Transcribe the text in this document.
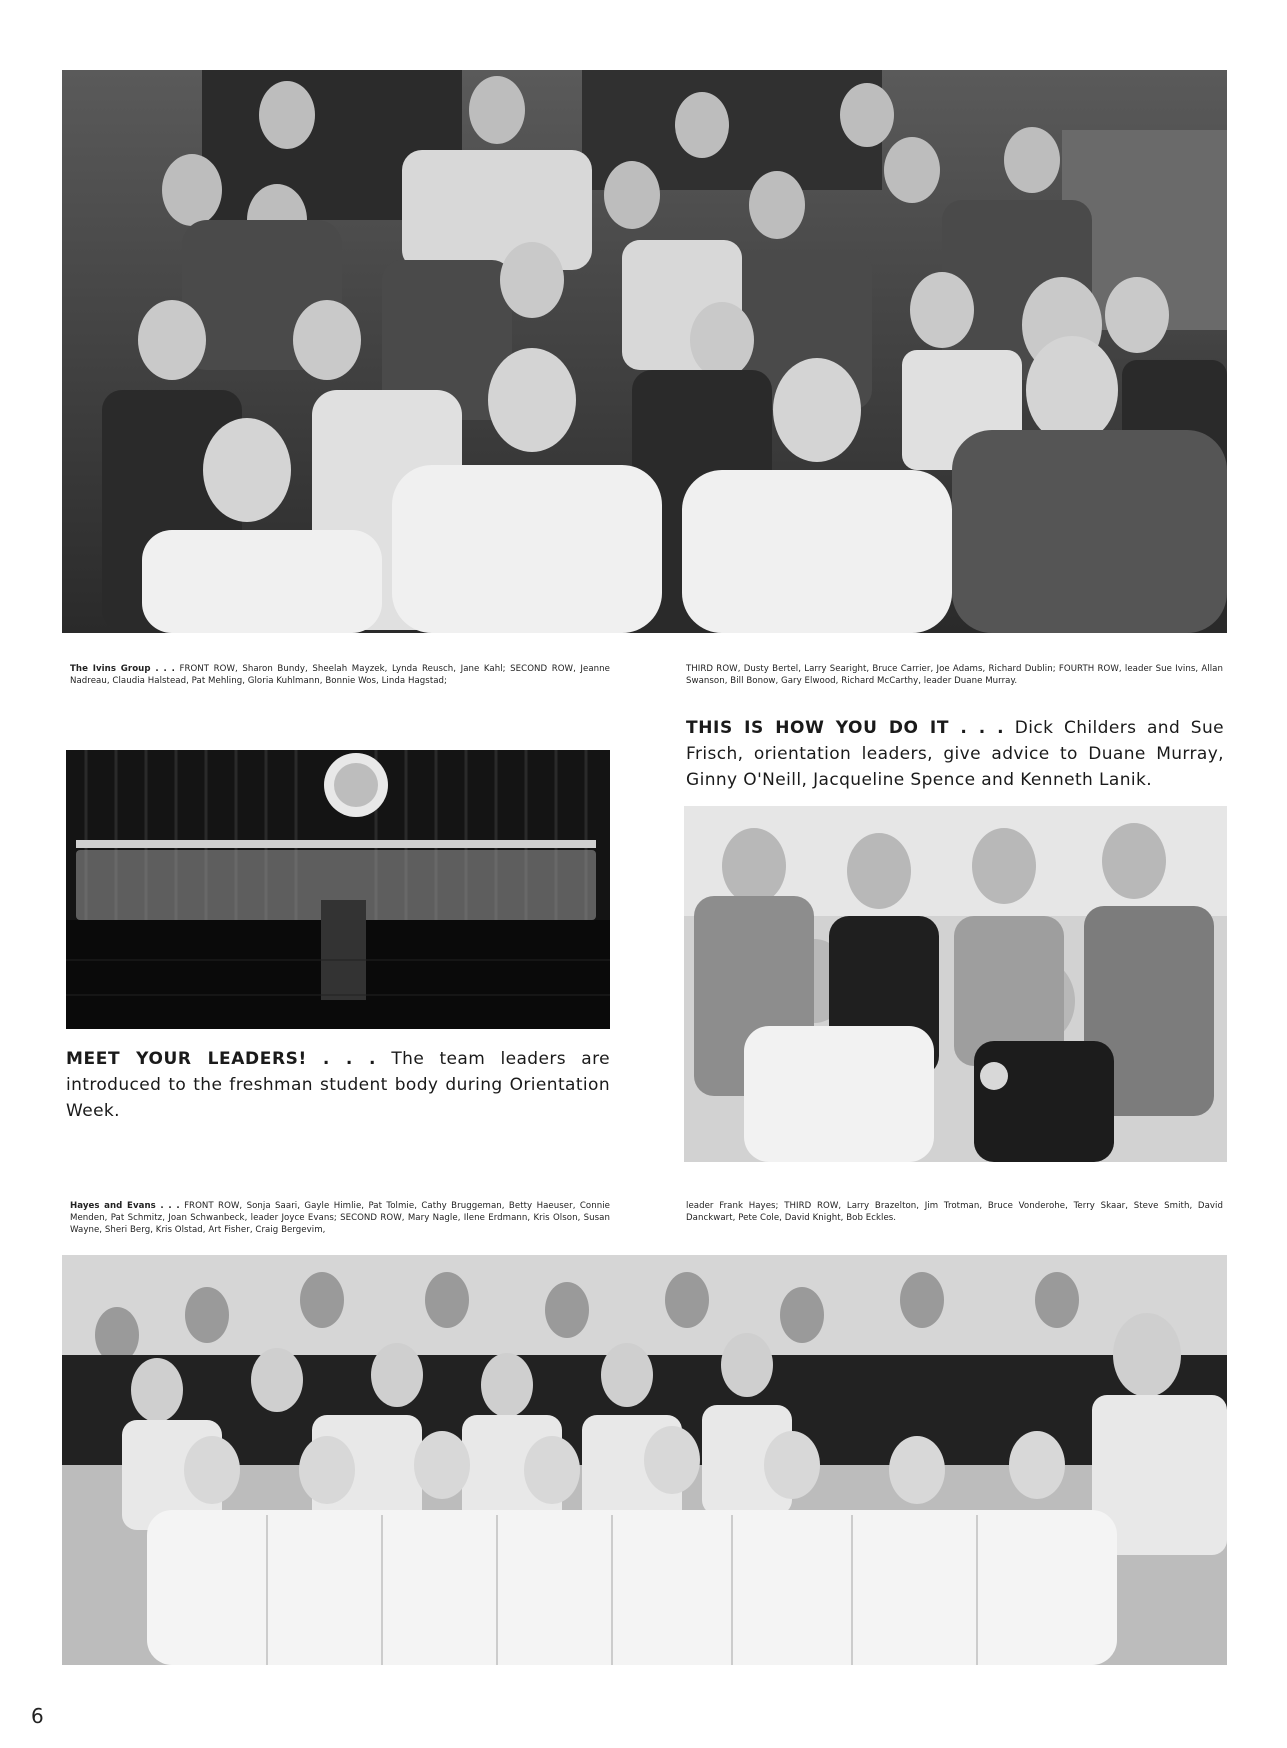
The Ivins Group . . . FRONT ROW, Sharon Bundy, Sheelah Mayzek, Lynda Reusch, Jane Kahl; SECOND ROW, Jeanne Nadreau, Claudia Halstead, Pat Mehling, Gloria Kuhlmann, Bonnie Wos, Linda Hagstad;
THIRD ROW, Dusty Bertel, Larry Searight, Bruce Carrier, Joe Adams, Richard Dublin; FOURTH ROW, leader Sue Ivins, Allan Swanson, Bill Bonow, Gary Elwood, Richard McCarthy, leader Duane Murray.
THIS IS HOW YOU DO IT . . . Dick Childers and Sue Frisch, orientation leaders, give advice to Duane Murray, Ginny O'Neill, Jacqueline Spence and Kenneth Lanik.
MEET YOUR LEADERS! . . . The team leaders are introduced to the freshman student body during Orientation Week.
Hayes and Evans . . . FRONT ROW, Sonja Saari, Gayle Himlie, Pat Tolmie, Cathy Bruggeman, Betty Haeuser, Connie Menden, Pat Schmitz, Joan Schwanbeck, leader Joyce Evans; SECOND ROW, Mary Nagle, Ilene Erdmann, Kris Olson, Susan Wayne, Sheri Berg, Kris Olstad, Art Fisher, Craig Bergevim,
leader Frank Hayes; THIRD ROW, Larry Brazelton, Jim Trotman, Bruce Vonderohe, Terry Skaar, Steve Smith, David Danckwart, Pete Cole, David Knight, Bob Eckles.
6
